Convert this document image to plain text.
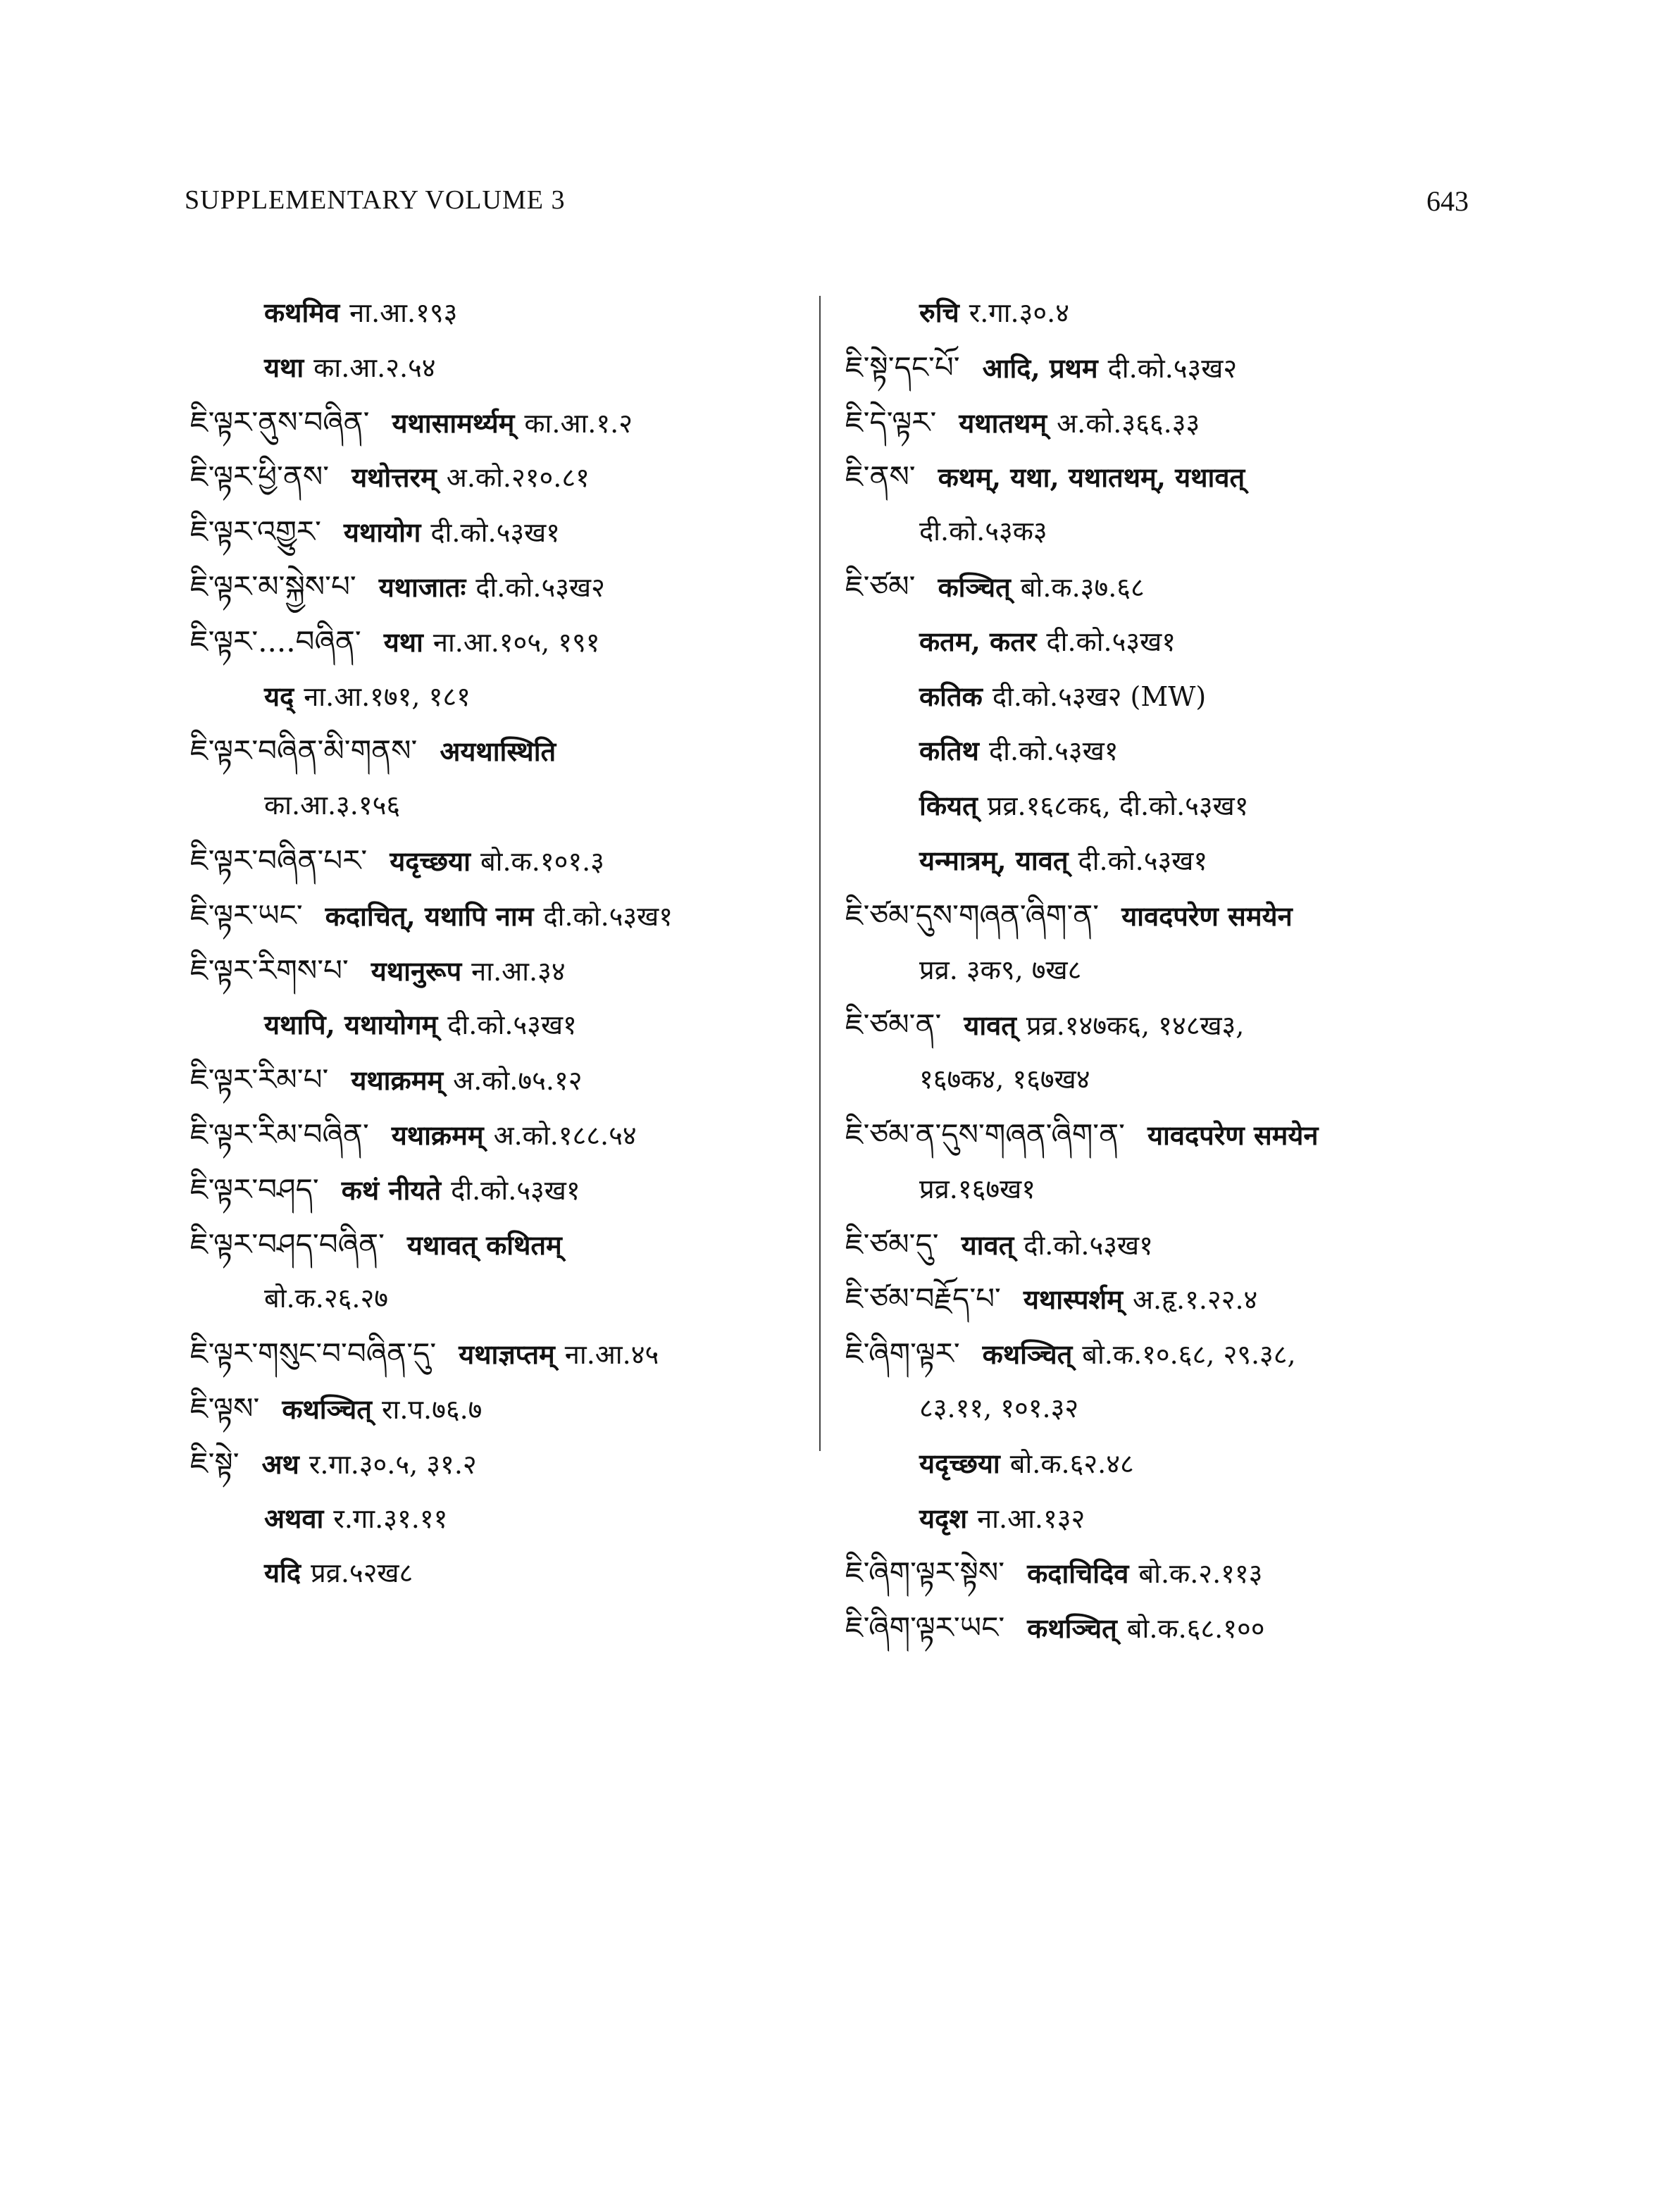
SUPPLEMENTARY VOLUME 3	643
कथमिव ना.आ.१९३
यथा का.आ.२.५४
ཇི་ལྟར་ནུས་བཞིན་ यथासामर्थ्यम् का.आ.१.२
ཇི་ལྟར་ཕྱི་ནས་ यथोत्तरम् अ.को.२१०.८१
ཇི་ལྟར་འགྱུར་ यथायोग दी.को.५३ख१
ཇི་ལྟར་མ་སྐྱེས་པ་ यथाजातः दी.को.५३ख२
ཇི་ལྟར་....བཞིན་ यथा ना.आ.१०५, १९१
यद् ना.आ.१७१, १८१
ཇི་ལྟར་བཞིན་མི་གནས་ अयथास्थिति
का.आ.३.१५६
ཇི་ལྟར་བཞིན་པར་ यदृच्छया बो.क.१०१.३
ཇི་ལྟར་ཡང་ कदाचित्, यथापि नाम दी.को.५३ख१
ཇི་ལྟར་རིགས་པ་ यथानुरूप ना.आ.३४
यथापि, यथायोगम् दी.को.५३ख१
ཇི་ལྟར་རིམ་པ་ यथाक्रमम् अ.को.७५.१२
ཇི་ལྟར་རིམ་བཞིན་ यथाक्रमम् अ.को.१८८.५४
ཇི་ལྟར་བཤད་ कथं नीयते दी.को.५३ख१
ཇི་ལྟར་བཤད་བཞིན་ यथावत् कथितम्
बो.क.२६.२७
ཇི་ལྟར་གསུང་བ་བཞིན་དུ་ यथाज्ञप्तम् ना.आ.४५
ཇི་ལྟས་ कथञ्चित् रा.प.७६.७
ཇི་སྟེ་ अथ र.गा.३०.५, ३१.२
अथवा र.गा.३१.११
यदि प्रव्र.५२ख८
रुचि र.गा.३०.४
ཇི་སྟེ་དང་པོ་ आदि, प्रथम दी.को.५३ख२
ཇི་དེ་ལྟར་ यथातथम् अ.को.३६६.३३
ཇི་ནས་ कथम्, यथा, यथातथम्, यथावत्
दी.को.५३क३
ཇི་ཙམ་ कञ्चित् बो.क.३७.६८
कतम, कतर दी.को.५३ख१
कतिक दी.को.५३ख२ (MW)
कतिथ दी.को.५३ख१
कियत् प्रव्र.१६८क६, दी.को.५३ख१
यन्मात्रम्, यावत् दी.को.५३ख१
ཇི་ཙམ་དུས་གཞན་ཞིག་ན་ यावदपरेण समयेन
प्रव्र. ३क९, ७ख८
ཇི་ཙམ་ན་ यावत् प्रव्र.१४७क६, १४८ख३,
१६७क४, १६७ख४
ཇི་ཙམ་ན་དུས་གཞན་ཞིག་ན་ यावदपरेण समयेन
प्रव्र.१६७ख१
ཇི་ཙམ་དུ་ यावत् दी.को.५३ख१
ཇི་ཙམ་བརྗོད་པ་ यथास्पर्शम् अ.हृ.१.२२.४
ཇི་ཞིག་ལྟར་ कथञ्चित् बो.क.१०.६८, २९.३८,
८३.११, १०१.३२
यदृच्छया बो.क.६२.४८
यदृश ना.आ.१३२
ཇི་ཞིག་ལྟར་སྟེས་ कदाचिदिव बो.क.२.११३
ཇི་ཞིག་ལྟར་ཡང་ कथञ्चित् बो.क.६८.१००
